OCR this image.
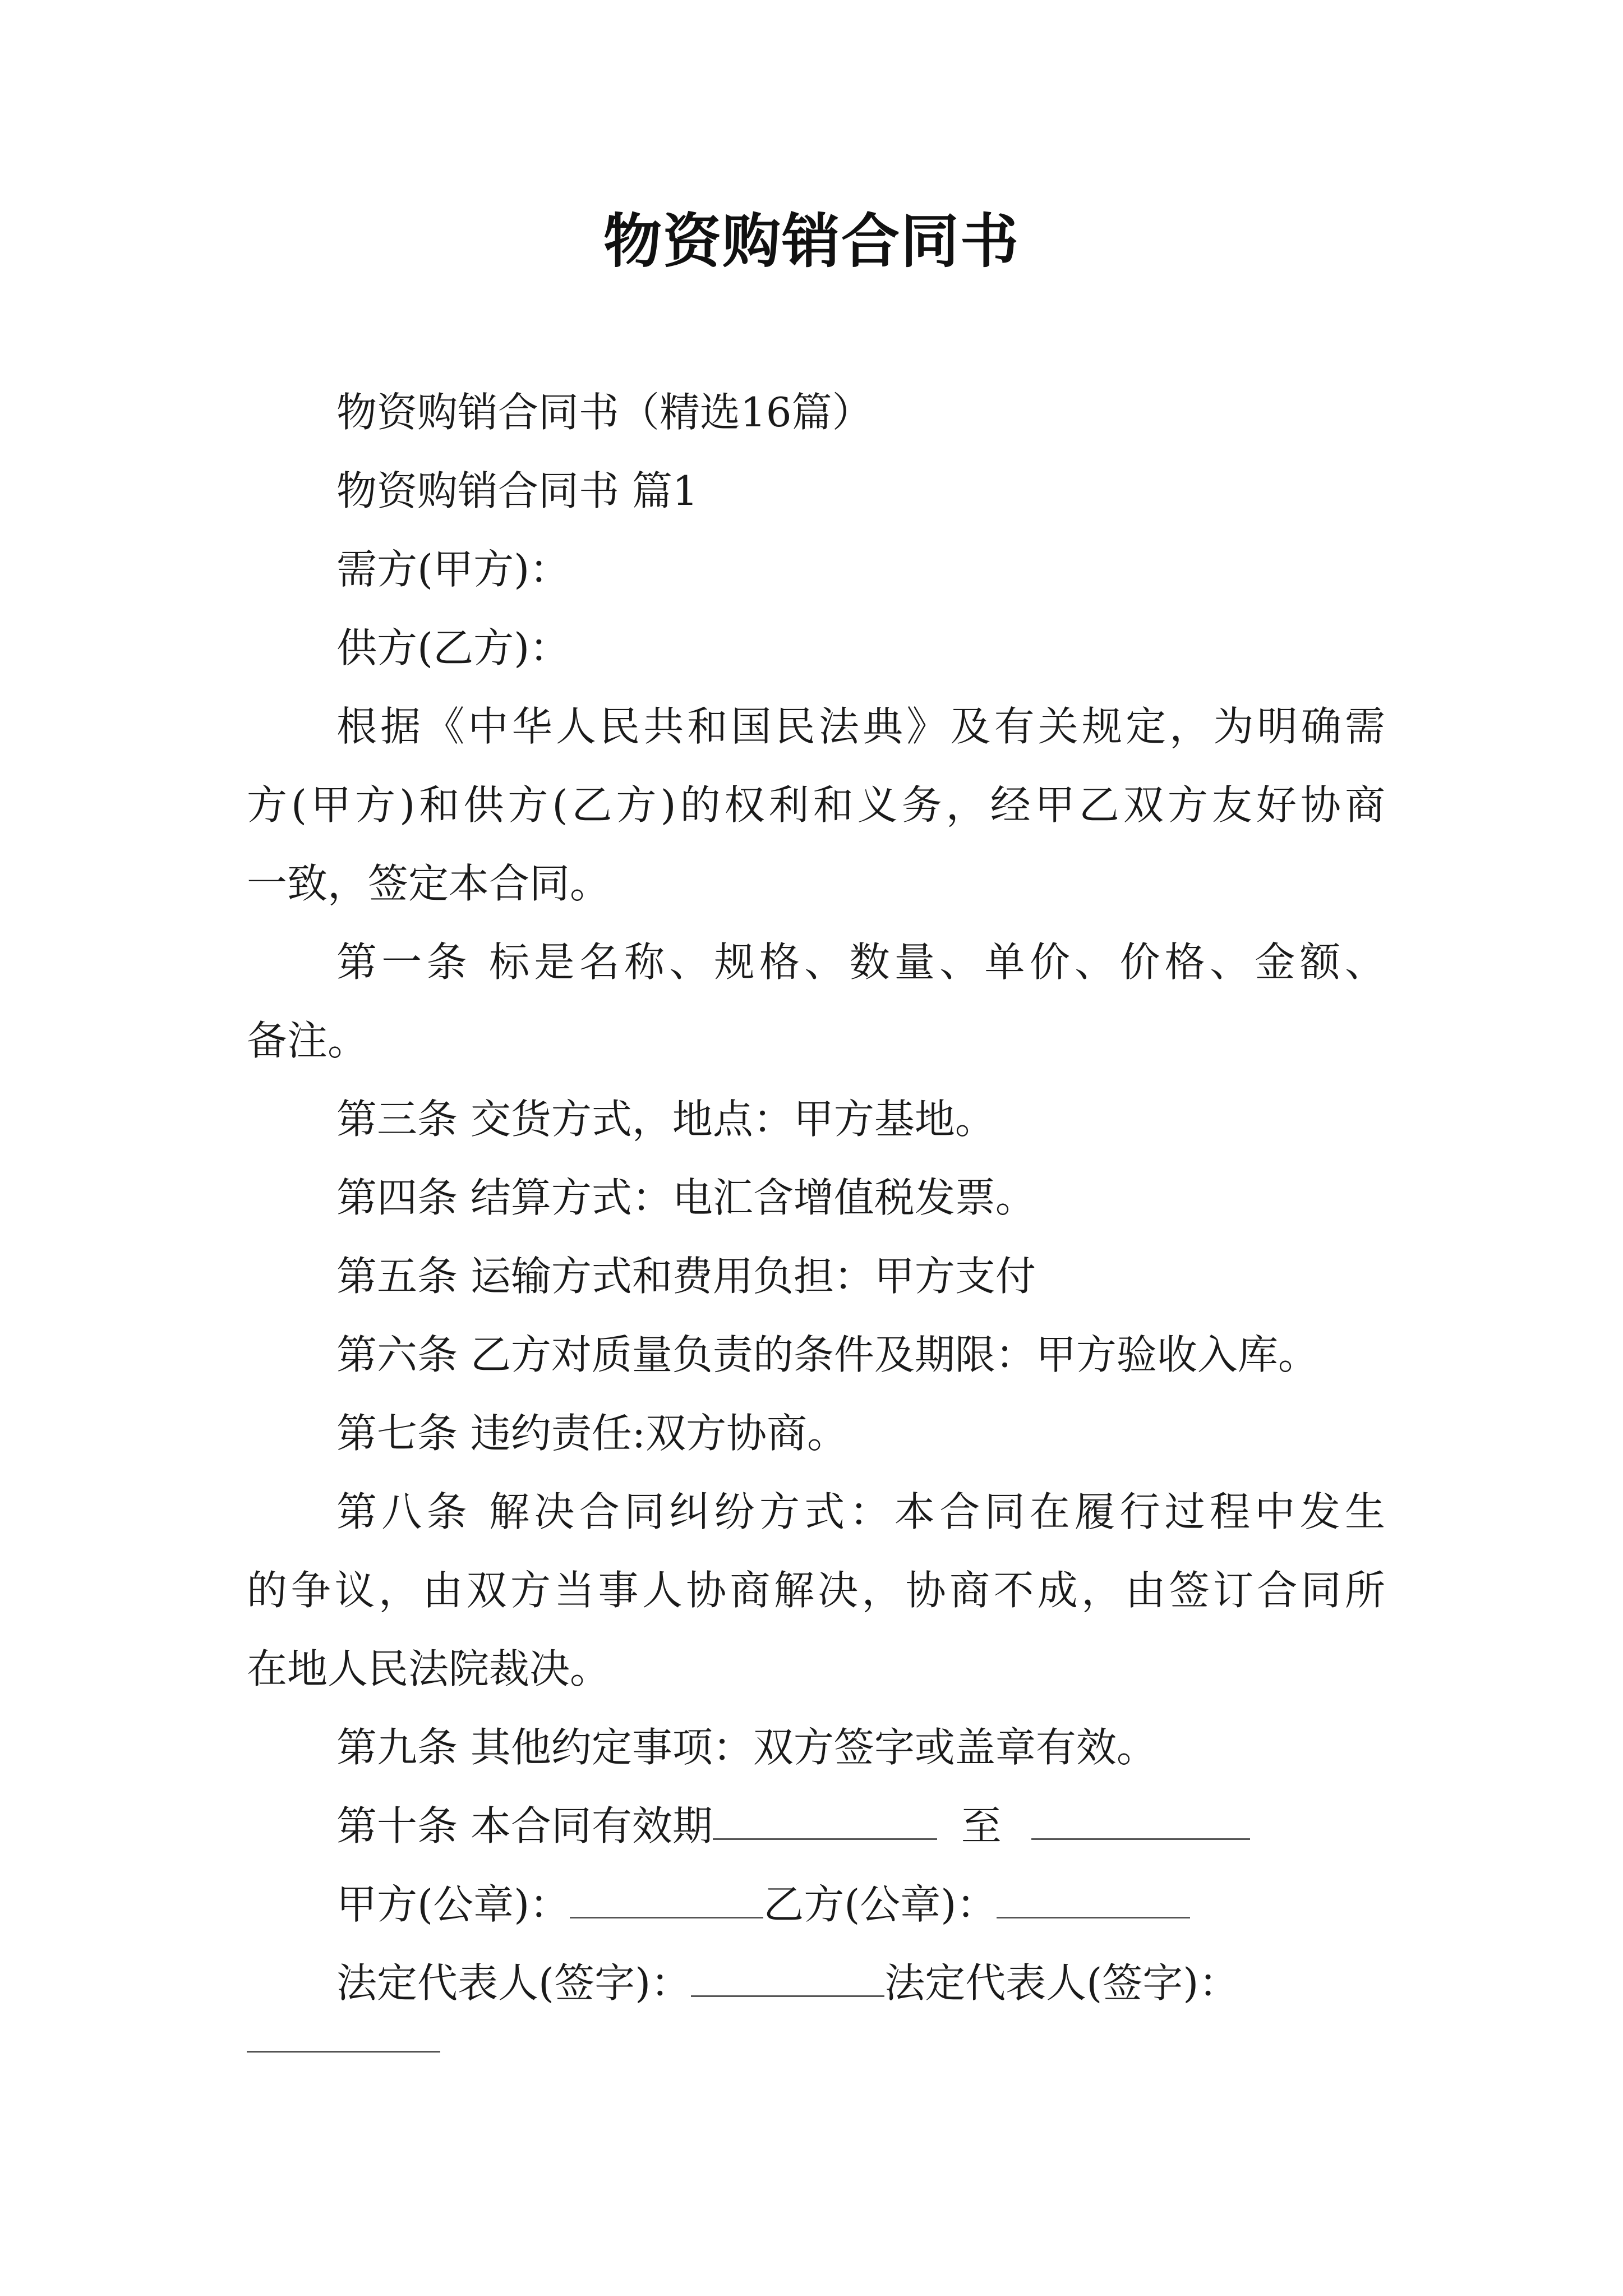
物资购销合同书
物资购销合同书（精选16篇）
物资购销合同书 篇1
需方(甲方)：
供方(乙方)：
根据《中华人民共和国民法典》及有关规定，为明确需
方(甲方)和供方(乙方)的权利和义务，经甲乙双方友好协商
一致，签定本合同。
第一条 标是名称、规格、数量、单价、价格、金额、
备注。
第三条 交货方式，地点：甲方基地。
第四条 结算方式：电汇含增值税发票。
第五条 运输方式和费用负担：甲方支付
第六条 乙方对质量负责的条件及期限：甲方验收入库。
第七条 违约责任:双方协商。
第八条 解决合同纠纷方式：本合同在履行过程中发生
的争议，由双方当事人协商解决，协商不成，由签订合同所
在地人民法院裁决。
第九条 其他约定事项：双方签字或盖章有效。
第十条 本合同有效期	至
甲方(公章)：	乙方(公章)：
法定代表人(签字)：	法定代表人(签字)：
